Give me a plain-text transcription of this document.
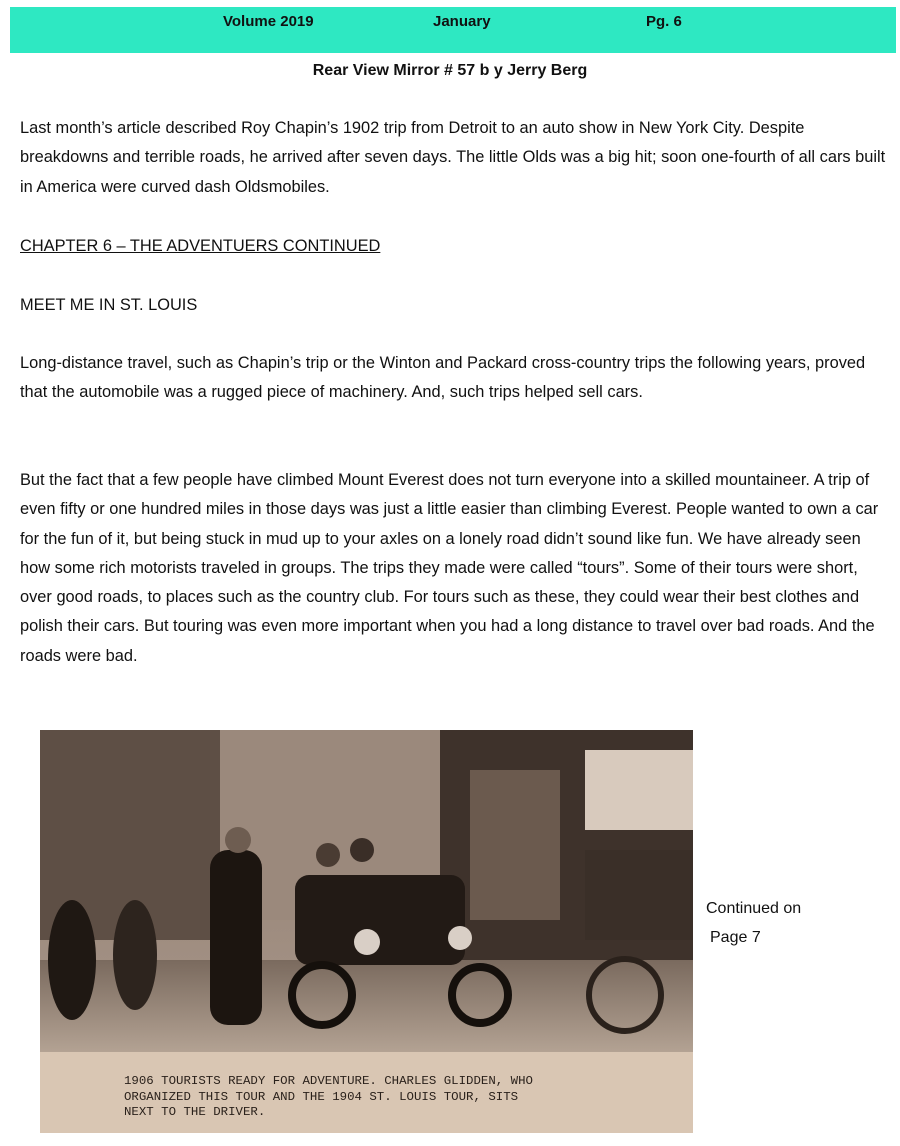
Volume 2019	January	Pg. 6
Rear View Mirror # 57 b y Jerry Berg

Last month’s article described Roy Chapin’s 1902 trip from Detroit to an auto show in New York City. Despite breakdowns and terrible roads, he arrived after seven days. The little Olds was a big hit; soon one-fourth of all cars built in America were curved dash Oldsmobiles.

CHAPTER 6 – THE ADVENTUERS CONTINUED

MEET ME IN ST. LOUIS

Long-distance travel, such as Chapin’s trip or the Winton and Packard cross-country trips the following years, proved that the automobile was a rugged piece of machinery. And, such trips helped sell cars.

But the fact that a few people have climbed Mount Everest does not turn everyone into a skilled mountaineer. A trip of even fifty or one hundred miles in those days was just a little easier than climbing Everest. People wanted to own a car for the fun of it, but being stuck in mud up to your axles on a lonely road didn’t sound like fun. We have already seen how some rich motorists traveled in groups. The trips they made were called “tours”. Some of their tours were short, over good roads, to places such as the country club. For tours such as these, they could wear their best clothes and polish their cars. But touring was even more important when you had a long distance to travel over bad roads. And the roads were bad.

1906 TOURISTS READY FOR ADVENTURE. CHARLES GLIDDEN, WHO
ORGANIZED THIS TOUR AND THE 1904 ST. LOUIS TOUR, SITS
NEXT TO THE DRIVER.

Continued on
Page 7
